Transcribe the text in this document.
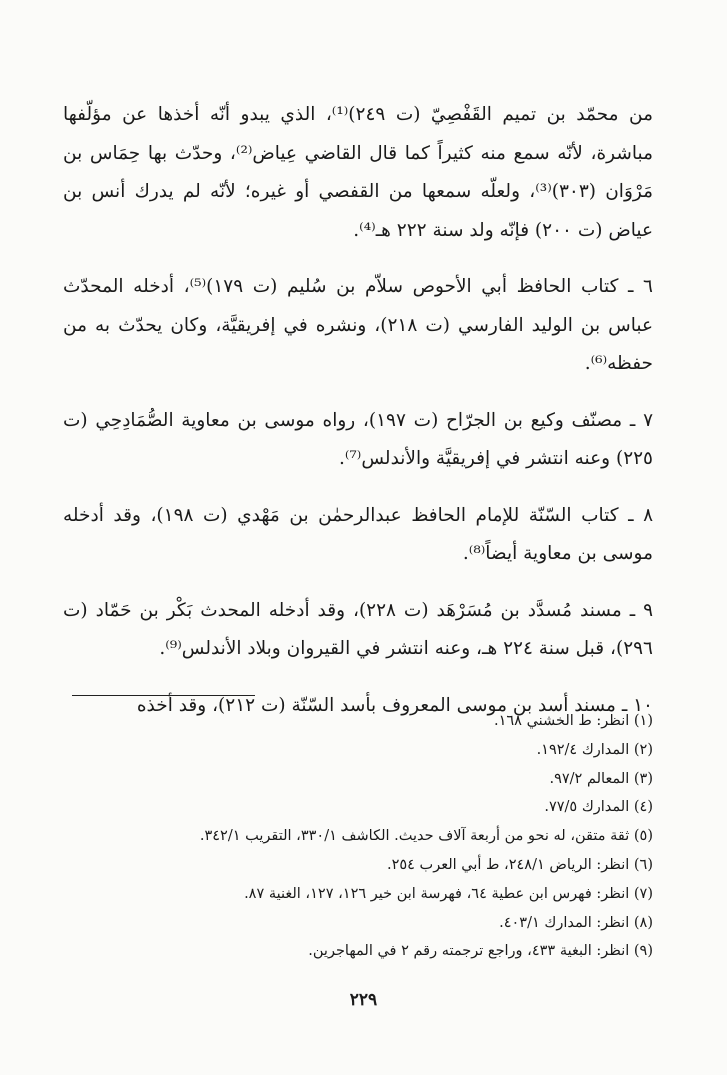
من محمّد بن تميم القَفْصِيّ (ت ٢٤٩)⁽¹⁾، الذي يبدو أنّه أخذها عن مؤلّفها مباشرة، لأنّه سمع منه كثيراً كما قال القاضي عِياض⁽²⁾، وحدّث بها حِمَاس بن مَرْوَان (٣٠٣)⁽³⁾، ولعلّه سمعها من القفصي أو غيره؛ لأنّه لم يدرك أنس بن عياض (ت ٢٠٠) فإنّه ولد سنة ٢٢٢ هـ⁽⁴⁾.

٦ ـ كتاب الحافظ أبي الأحوص سلاّم بن سُليم (ت ١٧٩)⁽⁵⁾، أدخله المحدّث عباس بن الوليد الفارسي (ت ٢١٨)، ونشره في إفريقيَّة، وكان يحدّث به من حفظه⁽⁶⁾.

٧ ـ مصنّف وكيع بن الجرّاح (ت ١٩٧)، رواه موسى بن معاوية الصُّمَادِحِي (ت ٢٢٥) وعنه انتشر في إفريقيَّة والأندلس⁽⁷⁾.

٨ ـ كتاب السّنّة للإمام الحافظ عبدالرحمٰن بن مَهْدي (ت ١٩٨)، وقد أدخله موسى بن معاوية أيضاً⁽⁸⁾.

٩ ـ مسند مُسدَّد بن مُسَرْهَد (ت ٢٢٨)، وقد أدخله المحدث بَكْر بن حَمّاد (ت ٢٩٦)، قبل سنة ٢٢٤ هـ، وعنه انتشر في القيروان وبلاد الأندلس⁽⁹⁾.

١٠ ـ مسند أسد بن موسى المعروف بأسد السّنّة (ت ٢١٢)، وقد أخذه

(١) انظر: ط الخشني ١٦٨.
(٢) المدارك ١٩٢/٤.
(٣) المعالم ٩٧/٢.
(٤) المدارك ٧٧/٥.
(٥) ثقة متقن، له نحو من أربعة آلاف حديث. الكاشف ٣٣٠/١، التقريب ٣٤٢/١.
(٦) انظر: الرياض ٢٤٨/١، ط أبي العرب ٢٥٤.
(٧) انظر: فهرس ابن عطية ٦٤، فهرسة ابن خير ١٢٦، ١٢٧، الغنية ٨٧.
(٨) انظر: المدارك ٤٠٣/١.
(٩) انظر: البغية ٤٣٣، وراجع ترجمته رقم ٢ في المهاجرين.
٢٢٩
